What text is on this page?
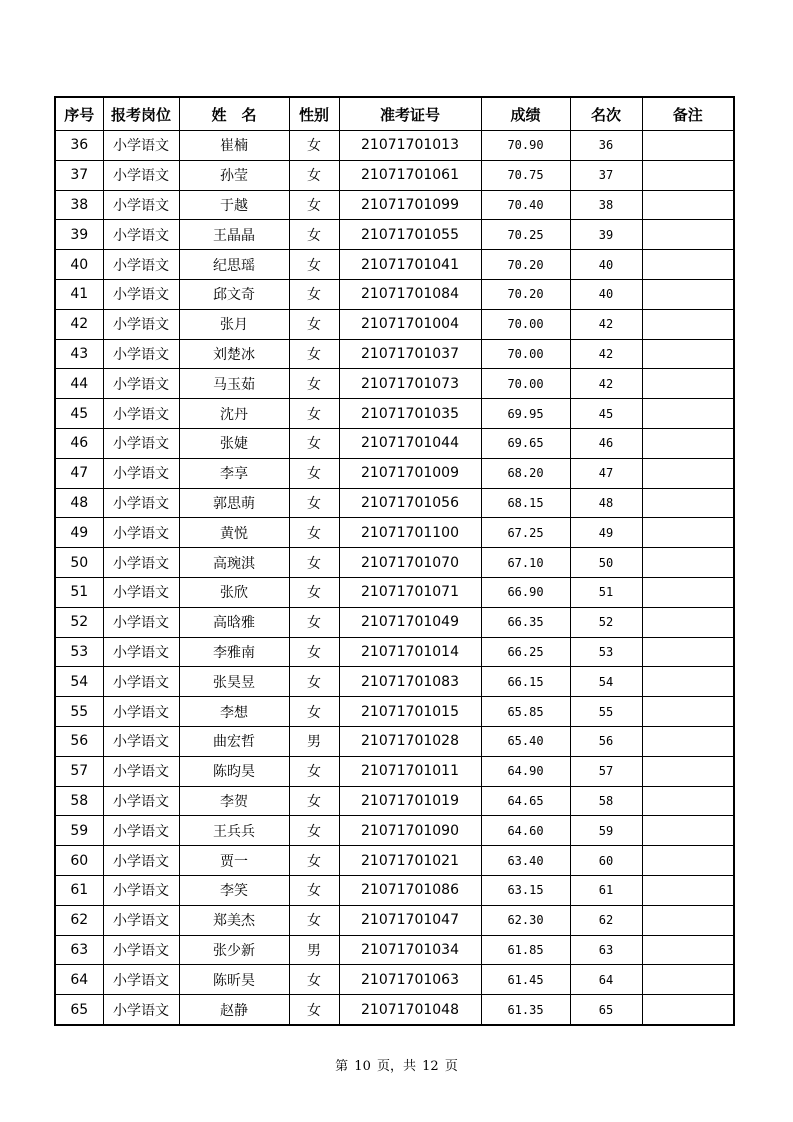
序号	报考岗位	姓　名	性别	准考证号	成绩	名次	备注
36	小学语文	崔楠	女	21071701013	70.90	36	
37	小学语文	孙莹	女	21071701061	70.75	37	
38	小学语文	于越	女	21071701099	70.40	38	
39	小学语文	王晶晶	女	21071701055	70.25	39	
40	小学语文	纪思瑶	女	21071701041	70.20	40	
41	小学语文	邱文奇	女	21071701084	70.20	40	
42	小学语文	张月	女	21071701004	70.00	42	
43	小学语文	刘楚冰	女	21071701037	70.00	42	
44	小学语文	马玉茹	女	21071701073	70.00	42	
45	小学语文	沈丹	女	21071701035	69.95	45	
46	小学语文	张婕	女	21071701044	69.65	46	
47	小学语文	李享	女	21071701009	68.20	47	
48	小学语文	郭思萌	女	21071701056	68.15	48	
49	小学语文	黄悦	女	21071701100	67.25	49	
50	小学语文	高琬淇	女	21071701070	67.10	50	
51	小学语文	张欣	女	21071701071	66.90	51	
52	小学语文	高晗雅	女	21071701049	66.35	52	
53	小学语文	李雅南	女	21071701014	66.25	53	
54	小学语文	张昊昱	女	21071701083	66.15	54	
55	小学语文	李想	女	21071701015	65.85	55	
56	小学语文	曲宏哲	男	21071701028	65.40	56	
57	小学语文	陈昀昊	女	21071701011	64.90	57	
58	小学语文	李贺	女	21071701019	64.65	58	
59	小学语文	王兵兵	女	21071701090	64.60	59	
60	小学语文	贾一	女	21071701021	63.40	60	
61	小学语文	李笑	女	21071701086	63.15	61	
62	小学语文	郑美杰	女	21071701047	62.30	62	
63	小学语文	张少新	男	21071701034	61.85	63	
64	小学语文	陈昕昊	女	21071701063	61.45	64	
65	小学语文	赵静	女	21071701048	61.35	65	
第 10 页，共 12 页
